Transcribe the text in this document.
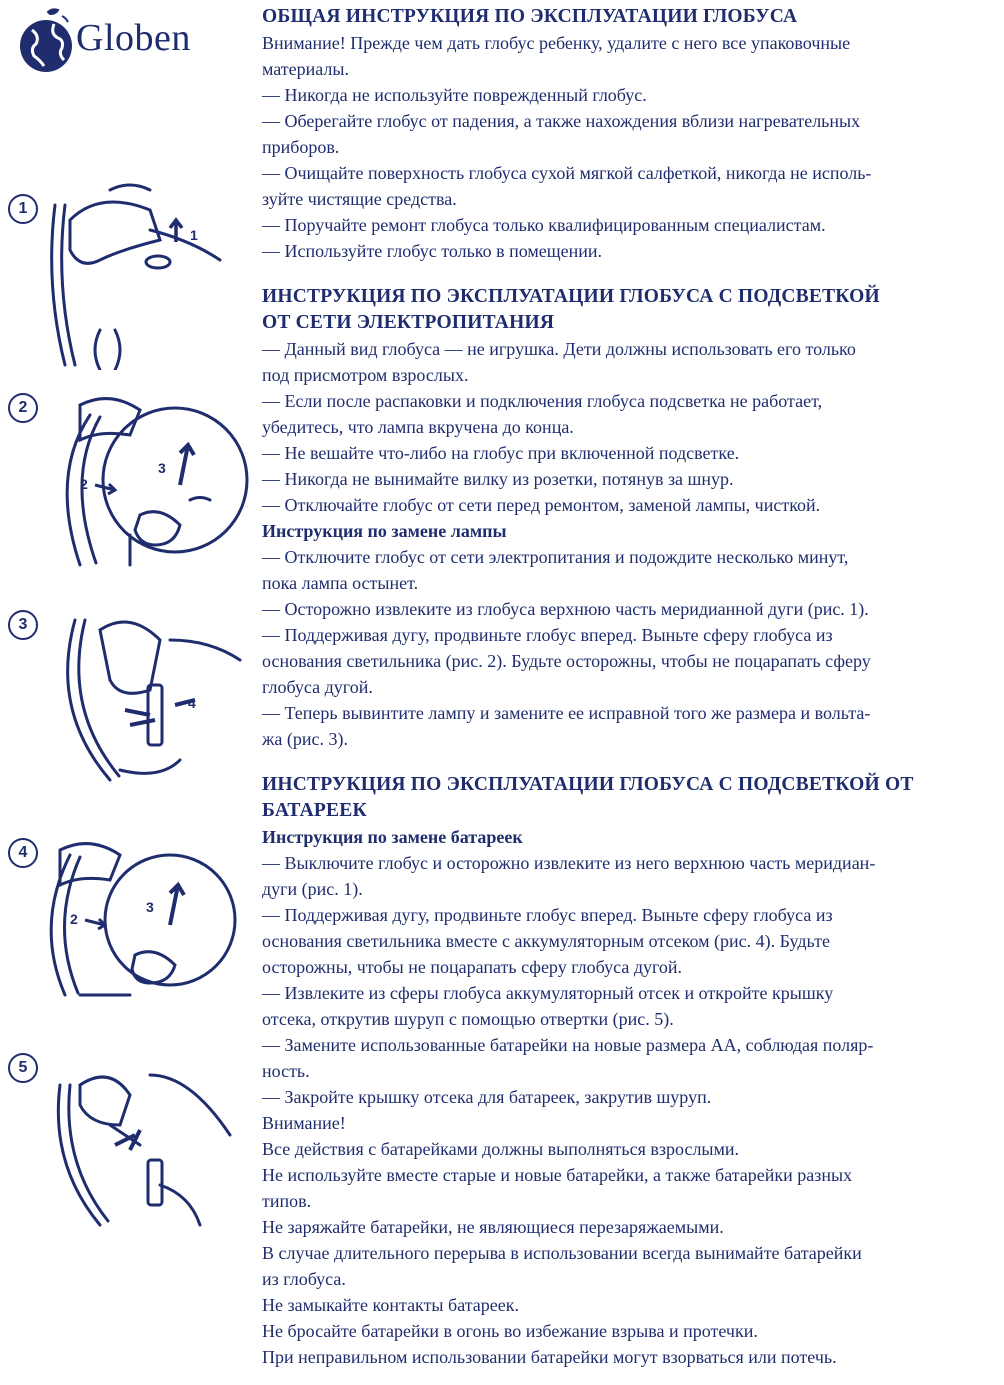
Globen
1
1
2
2
3
3
4
4
2
3
5

ОБЩАЯ ИНСТРУКЦИЯ ПО ЭКСПЛУАТАЦИИ ГЛОБУСА

Внимание! Прежде чем дать глобус ребенку, удалите с него все упаковочные

материалы.

— Никогда не используйте поврежденный глобус.

— Оберегайте глобус от падения, а также нахождения вблизи нагревательных

приборов.

— Очищайте поверхность глобуса сухой мягкой салфеткой, никогда не исполь-

зуйте чистящие средства.

— Поручайте ремонт глобуса только квалифицированным специалистам.

— Используйте глобус только в помещении.

ИНСТРУКЦИЯ ПО ЭКСПЛУАТАЦИИ ГЛОБУСА С ПОДСВЕТКОЙ

ОТ СЕТИ ЭЛЕКТРОПИТАНИЯ

— Данный вид глобуса — не игрушка. Дети должны использовать его только

под присмотром взрослых.

— Если после распаковки и подключения глобуса подсветка не работает,

убедитесь, что лампа вкручена до конца.

— Не вешайте что-либо на глобус при включенной подсветке.

— Никогда не вынимайте вилку из розетки, потянув за шнур.

— Отключайте глобус от сети перед ремонтом, заменой лампы, чисткой.

Инструкция по замене лампы

— Отключите глобус от сети электропитания и подождите несколько минут,

пока лампа остынет.

— Осторожно извлеките из глобуса верхнюю часть меридианной дуги (рис. 1).

— Поддерживая дугу, продвиньте глобус вперед. Выньте сферу глобуса из

основания светильника (рис. 2). Будьте осторожны, чтобы не поцарапать сферу

глобуса дугой.

— Теперь вывинтите лампу и замените ее исправной того же размера и вольта-

жа (рис. 3).

ИНСТРУКЦИЯ ПО ЭКСПЛУАТАЦИИ ГЛОБУСА С ПОДСВЕТКОЙ ОТ

БАТАРЕЕК

Инструкция по замене батареек

— Выключите глобус и осторожно извлеките из него верхнюю часть меридиан-

дуги (рис. 1).

— Поддерживая дугу, продвиньте глобус вперед. Выньте сферу глобуса из

основания светильника вместе с аккумуляторным отсеком (рис. 4). Будьте

осторожны, чтобы не поцарапать сферу глобуса дугой.

— Извлеките из сферы глобуса аккумуляторный отсек и откройте крышку

отсека, открутив шуруп с помощью отвертки (рис. 5).

— Замените использованные батарейки на новые размера АА, соблюдая поляр-

ность.

— Закройте крышку отсека для батареек, закрутив шуруп.

Внимание!

Все действия с батарейками должны выполняться взрослыми.

Не используйте вместе старые и новые батарейки, а также батарейки разных

типов.

Не заряжайте батарейки, не являющиеся перезаряжаемыми.

В случае длительного перерыва в использовании всегда вынимайте батарейки

из глобуса.

Не замыкайте контакты батареек.

Не бросайте батарейки в огонь во избежание взрыва и протечки.

При неправильном использовании батарейки могут взорваться или потечь.
